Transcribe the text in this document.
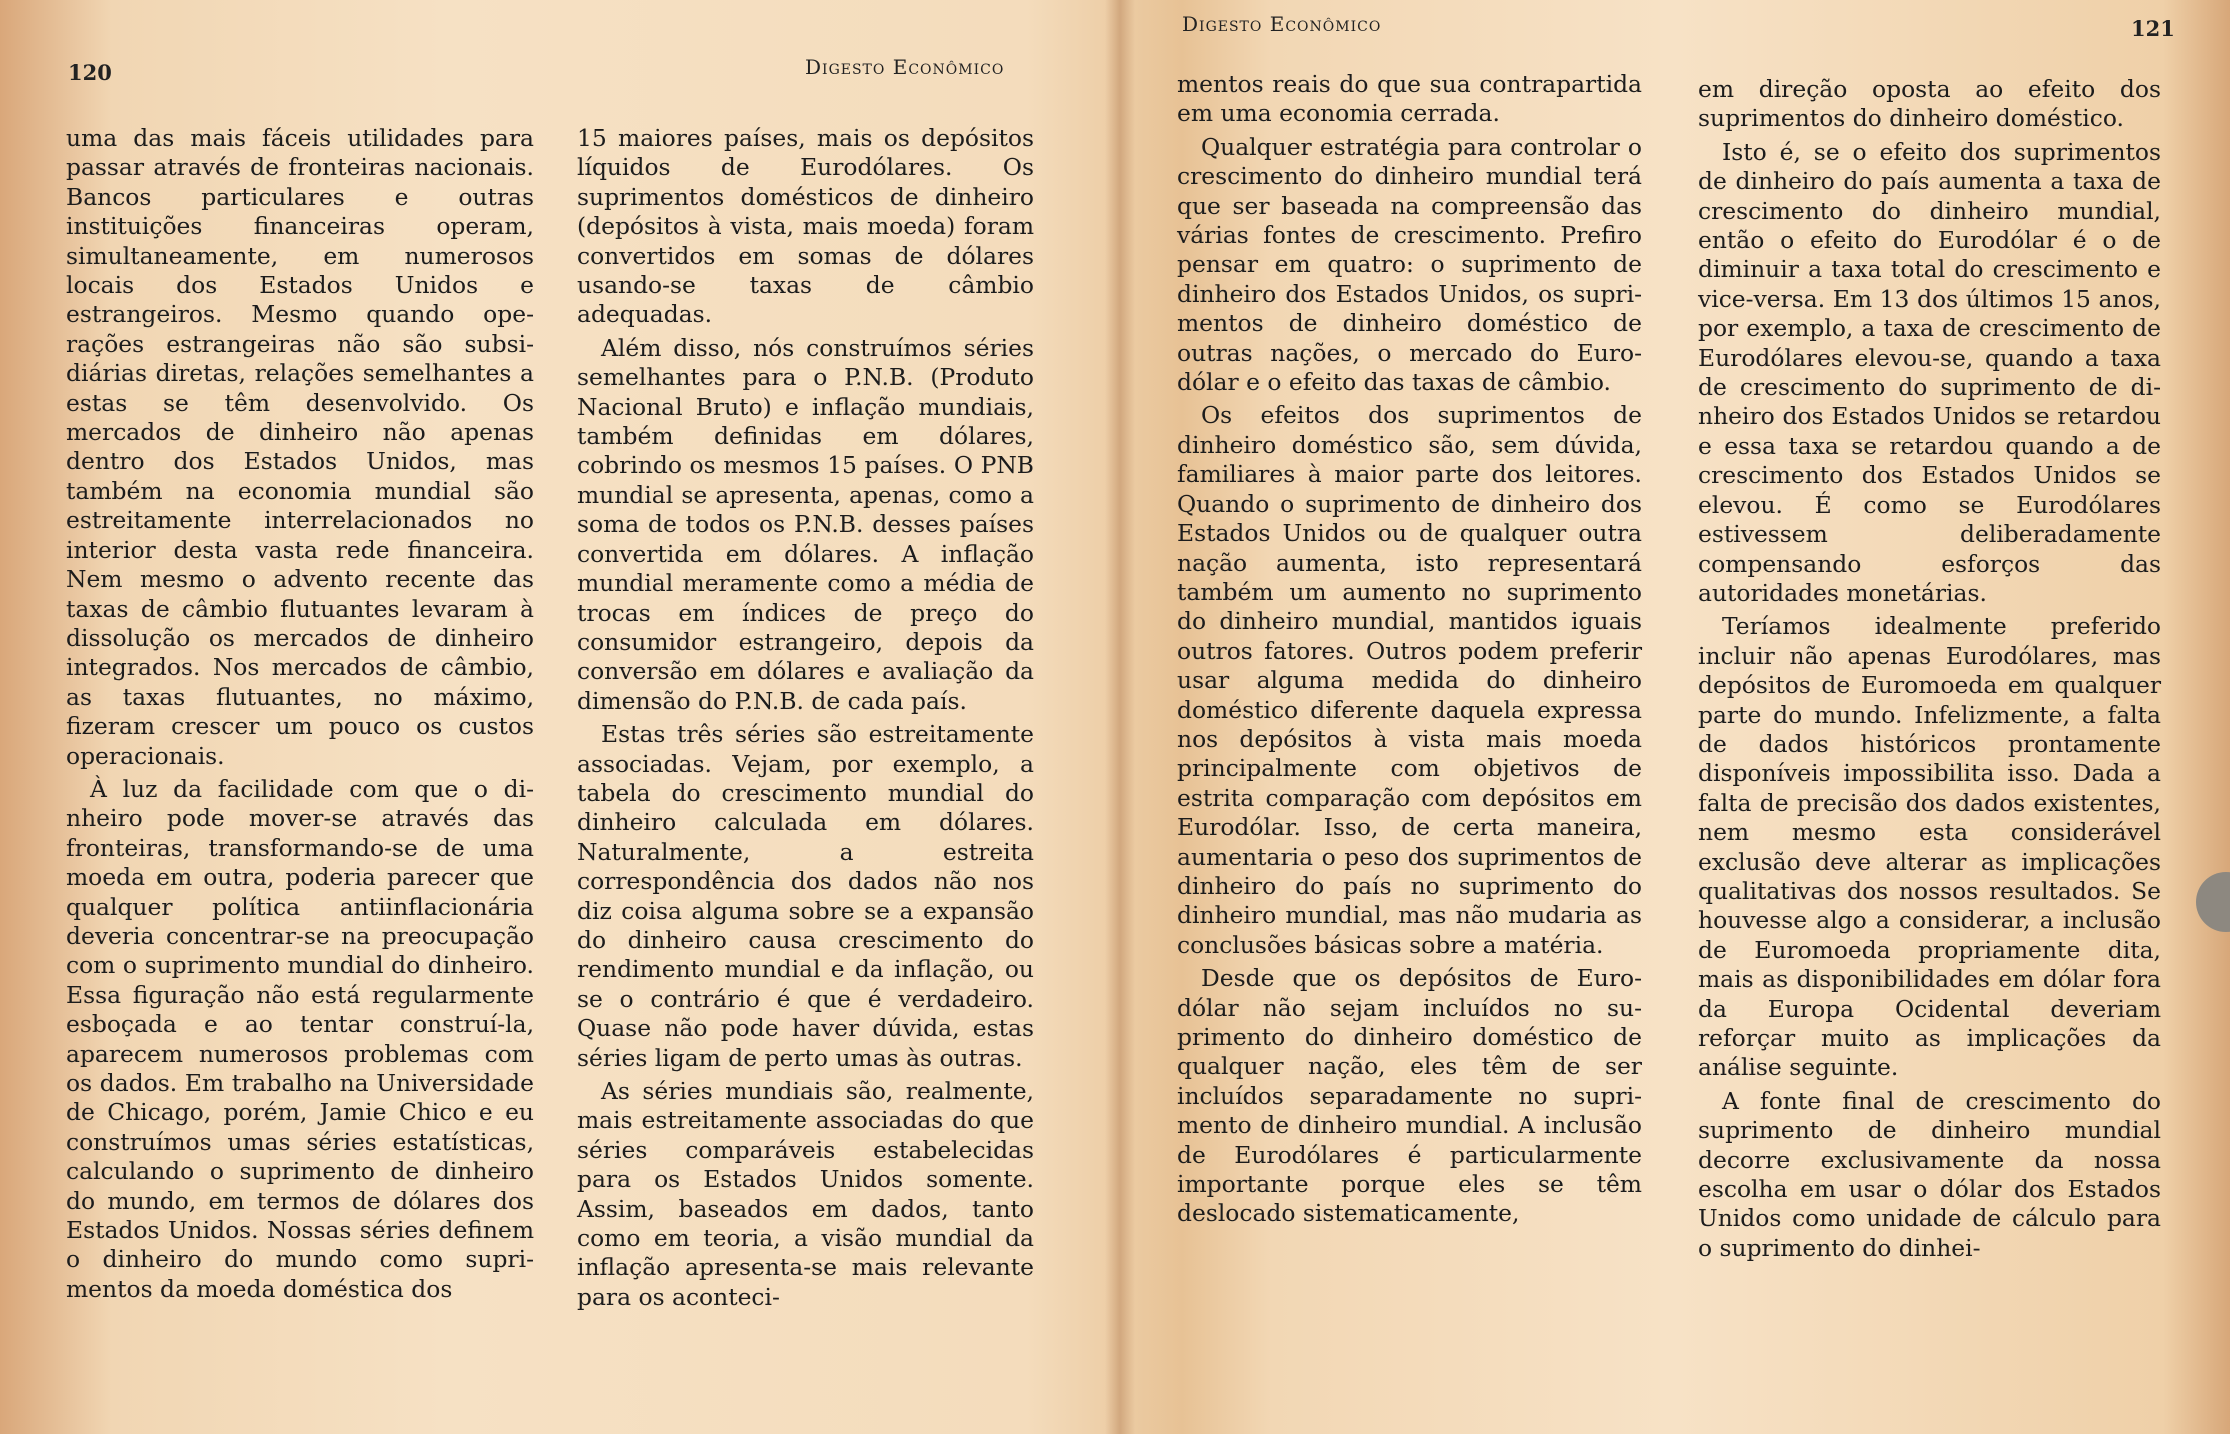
120	Digesto Econômico

uma das mais fáceis utilidades para passar através de fronteiras nacionais. Bancos particulares e outras instituições financeiras operam, simultaneamente, em numerosos locais dos Estados Unidos e estrangeiros. Mesmo quando operações estrangeiras não são subsidiárias diretas, relações semelhantes a estas se têm desenvolvido. Os mercados de dinheiro não apenas dentro dos Estados Unidos, mas também na economia mundial são estreitamente interrelacionados no interior desta vasta rede financeira. Nem mesmo o advento recente das taxas de câmbio flutuantes levaram à dissolução os mercados de dinheiro integrados. Nos mercados de câmbio, as taxas flutuantes, no máximo, fizeram crescer um pouco os custos operacionais.

À luz da facilidade com que o dinheiro pode mover-se através das fronteiras, transformando-se de uma moeda em outra, poderia parecer que qualquer política antiinflacionária deveria concentrar-se na preocupação com o suprimento mundial do dinheiro. Essa figuração não está regularmente esboçada e ao tentar construí-la, aparecem numerosos problemas com os dados. Em trabalho na Universidade de Chicago, porém, Jamie Chico e eu construímos umas séries estatísticas, calculando o suprimento de dinheiro do mundo, em termos de dólares dos Estados Unidos. Nossas séries definem o dinheiro do mundo como suprimentos da moeda doméstica dos

15 maiores países, mais os depósitos líquidos de Eurodólares. Os suprimentos domésticos de dinheiro (depósitos à vista, mais moeda) foram convertidos em somas de dólares usando-se taxas de câmbio adequadas.

Além disso, nós construímos séries semelhantes para o P.N.B. (Produto Nacional Bruto) e inflação mundiais, também definidas em dólares, cobrindo os mesmos 15 países. O PNB mundial se apresenta, apenas, como a soma de todos os P.N.B. desses países convertida em dólares. A inflação mundial meramente como a média de trocas em índices de preço do consumidor estrangeiro, depois da conversão em dólares e avaliação da dimensão do P.N.B. de cada país.

Estas três séries são estreitamente associadas. Vejam, por exemplo, a tabela do crescimento mundial do dinheiro calculada em dólares. Naturalmente, a estreita correspondência dos dados não nos diz coisa alguma sobre se a expansão do dinheiro causa crescimento do rendimento mundial e da inflação, ou se o contrário é que é verdadeiro. Quase não pode haver dúvida, estas séries ligam de perto umas às outras.

As séries mundiais são, realmente, mais estreitamente associadas do que séries comparáveis estabelecidas para os Estados Unidos somente. Assim, baseados em dados, tanto como em teoria, a visão mundial da inflação apresenta-se mais relevante para os aconteci-

Digesto Econômico	121

mentos reais do que sua contrapartida em uma economia cerrada.

Qualquer estratégia para controlar o crescimento do dinheiro mundial terá que ser baseada na compreensão das várias fontes de crescimento. Prefiro pensar em quatro: o suprimento de dinheiro dos Estados Unidos, os suprimentos de dinheiro doméstico de outras nações, o mercado do Eurodólar e o efeito das taxas de câmbio.

Os efeitos dos suprimentos de dinheiro doméstico são, sem dúvida, familiares à maior parte dos leitores. Quando o suprimento de dinheiro dos Estados Unidos ou de qualquer outra nação aumenta, isto representará também um aumento no suprimento do dinheiro mundial, mantidos iguais outros fatores. Outros podem preferir usar alguma medida do dinheiro doméstico diferente daquela expressa nos depósitos à vista mais moeda principalmente com objetivos de estrita comparação com depósitos em Eurodólar. Isso, de certa maneira, aumentaria o peso dos suprimentos de dinheiro do país no suprimento do dinheiro mundial, mas não mudaria as conclusões básicas sobre a matéria.

Desde que os depósitos de Eurodólar não sejam incluídos no suprimento do dinheiro doméstico de qualquer nação, eles têm de ser incluídos separadamente no suprimento de dinheiro mundial. A inclusão de Eurodólares é particularmente importante porque eles se têm deslocado sistematicamente,

em direção oposta ao efeito dos suprimentos do dinheiro doméstico.

Isto é, se o efeito dos suprimentos de dinheiro do país aumenta a taxa de crescimento do dinheiro mundial, então o efeito do Eurodólar é o de diminuir a taxa total do crescimento e vice-versa. Em 13 dos últimos 15 anos, por exemplo, a taxa de crescimento de Eurodólares elevou-se, quando a taxa de crescimento do suprimento de dinheiro dos Estados Unidos se retardou e essa taxa se retardou quando a de crescimento dos Estados Unidos se elevou. É como se Eurodólares estivessem deliberadamente compensando esforços das autoridades monetárias.

Teríamos idealmente preferido incluir não apenas Eurodólares, mas depósitos de Euromoeda em qualquer parte do mundo. Infelizmente, a falta de dados históricos prontamente disponíveis impossibilita isso. Dada a falta de precisão dos dados existentes, nem mesmo esta considerável exclusão deve alterar as implicações qualitativas dos nossos resultados. Se houvesse algo a considerar, a inclusão de Euromoeda propriamente dita, mais as disponibilidades em dólar fora da Europa Ocidental deveriam reforçar muito as implicações da análise seguinte.

A fonte final de crescimento do suprimento de dinheiro mundial decorre exclusivamente da nossa escolha em usar o dólar dos Estados Unidos como unidade de cálculo para o suprimento do dinhei-
